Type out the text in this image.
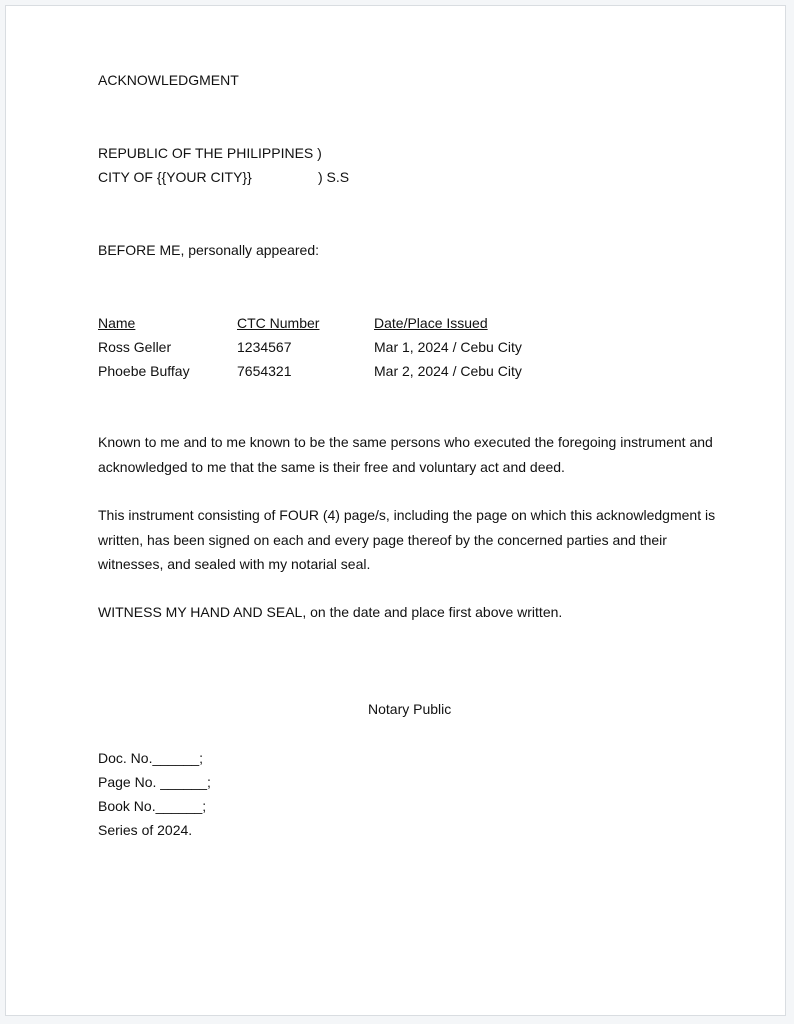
ACKNOWLEDGMENT
REPUBLIC OF THE PHILIPPINES )
CITY OF {{YOUR CITY}}	) S.S
BEFORE ME, personally appeared:
Name	CTC Number	Date/Place Issued
Ross Geller	1234567	Mar 1, 2024 / Cebu City
Phoebe Buffay	7654321	Mar 2, 2024 / Cebu City
Known to me and to me known to be the same persons who executed the foregoing instrument and
acknowledged to me that the same is their free and voluntary act and deed.
This instrument consisting of FOUR (4) page/s, including the page on which this acknowledgment is
written, has been signed on each and every page thereof by the concerned parties and their
witnesses, and sealed with my notarial seal.
WITNESS MY HAND AND SEAL, on the date and place first above written.
Notary Public
Doc. No.______;
Page No. ______;
Book No.______;
Series of 2024.
